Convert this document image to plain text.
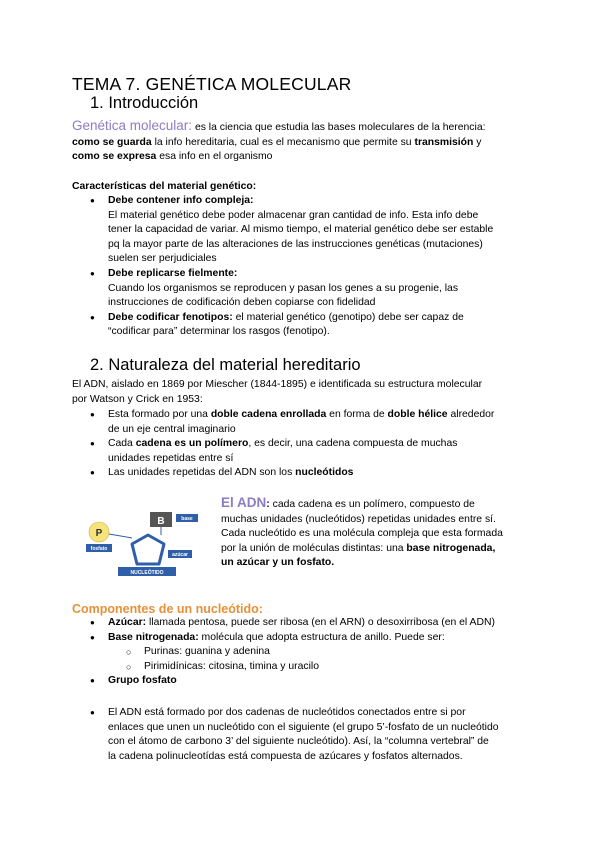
TEMA 7. GENÉTICA MOLECULAR
1. Introducción
Genética molecular: es la ciencia que estudia las bases moleculares de la herencia:
como se guarda la info hereditaria, cual es el mecanismo que permite su transmisión y
como se expresa esa info en el organismo
Características del material genético:
● Debe contener info compleja:
El material genético debe poder almacenar gran cantidad de info. Esta info debe
tener la capacidad de variar. Al mismo tiempo, el material genético debe ser estable
pq la mayor parte de las alteraciones de las instrucciones genéticas (mutaciones)
suelen ser perjudiciales
● Debe replicarse fielmente:
Cuando los organismos se reproducen y pasan los genes a su progenie, las
instrucciones de codificación deben copiarse con fidelidad
● Debe codificar fenotipos: el material genético (genotipo) debe ser capaz de
“codificar para” determinar los rasgos (fenotipo).
2. Naturaleza del material hereditario
El ADN, aislado en 1869 por Miescher (1844-1895) e identificada su estructura molecular
por Watson y Crick en 1953:
● Esta formado por una doble cadena enrollada en forma de doble hélice alrededor
de un eje central imaginario
● Cada cadena es un polímero, es decir, una cadena compuesta de muchas
unidades repetidas entre sí
● Las unidades repetidas del ADN son los nucleótidos
P
fosfato
B	base
azúcar
NUCLEÓTIDO
El ADN: cada cadena es un polímero, compuesto de
muchas unidades (nucleótidos) repetidas unidades entre sí.
Cada nucleótido es una molécula compleja que esta formada
por la unión de moléculas distintas: una base nitrogenada,
un azúcar y un fosfato.
Componentes de un nucleótido:
● Azúcar: llamada pentosa, puede ser ribosa (en el ARN) o desoxirribosa (en el ADN)
● Base nitrogenada: molécula que adopta estructura de anillo. Puede ser:
○ Purinas: guanina y adenina
○ Pirimidínicas: citosina, timina y uracilo
● Grupo fosfato
● El ADN está formado por dos cadenas de nucleótidos conectados entre si por
enlaces que unen un nucleótido con el siguiente (el grupo 5’-fosfato de un nucleótido
con el átomo de carbono 3’ del siguiente nucleótido). Así, la “columna vertebral” de
la cadena polinucleotídas está compuesta de azúcares y fosfatos alternados.
